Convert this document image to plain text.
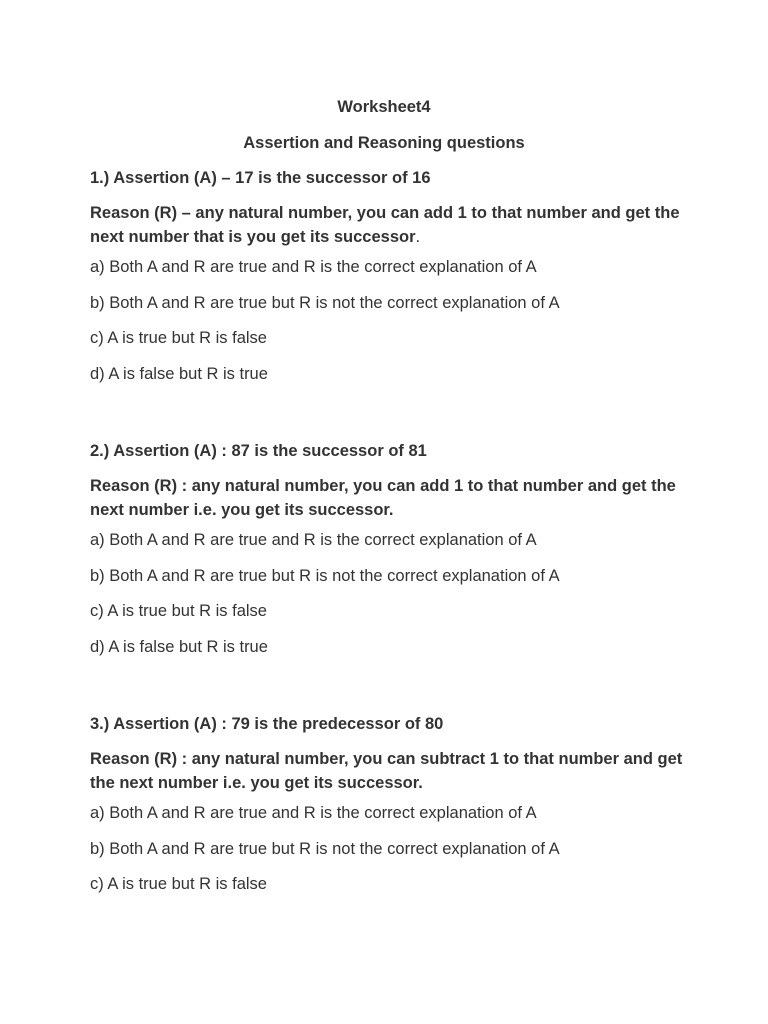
Worksheet4
Assertion and Reasoning questions

1.) Assertion (A) – 17 is the successor of 16

Reason (R) – any natural number, you can add 1 to that number and get the next number that is you get its successor.

a) Both A and R are true and R is the correct explanation of A
b) Both A and R are true but R is not the correct explanation of A
c) A is true but R is false
d) A is false but R is true

2.) Assertion (A) : 87 is the successor of 81

Reason (R) : any natural number, you can add 1 to that number and get the next number i.e. you get its successor.

a) Both A and R are true and R is the correct explanation of A
b) Both A and R are true but R is not the correct explanation of A
c) A is true but R is false
d) A is false but R is true

3.) Assertion (A) : 79 is the predecessor of 80

Reason (R) : any natural number, you can subtract 1 to that number and get the next number i.e. you get its successor.

a) Both A and R are true and R is the correct explanation of A
b) Both A and R are true but R is not the correct explanation of A
c) A is true but R is false
